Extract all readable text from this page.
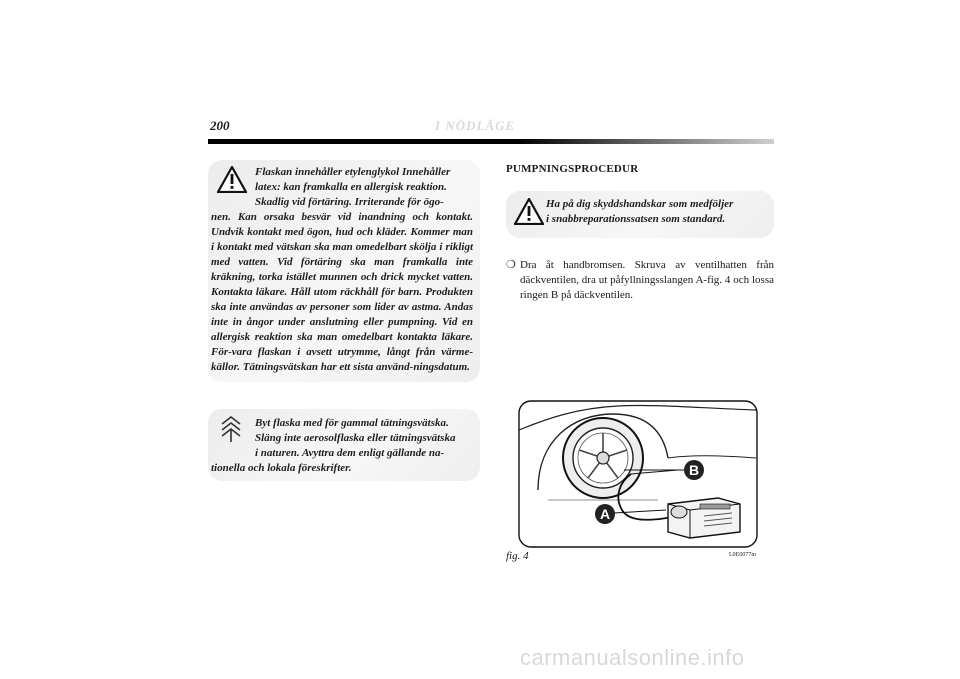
200	I NÖDLÄGE
Flaskan innehåller etylenglykol Innehåller
latex: kan framkalla en allergisk reaktion.
Skadlig vid förtäring. Irriterande för ögo-
nen. Kan orsaka besvär vid inandning och kontakt. Undvik kontakt med ögon, hud och kläder. Kommer man i kontakt med vätskan ska man omedelbart skölja i rikligt med vatten. Vid förtäring ska man framkalla inte kräkning, torka istället munnen och drick mycket vatten. Kontakta läkare. Håll utom räckhåll för barn. Produkten ska inte användas av personer som lider av astma. Andas inte in ångor under anslutning eller pumpning. Vid en allergisk reaktion ska man omedelbart kontakta läkare. För-vara flaskan i avsett utrymme, långt från värme-källor. Tätningsvätskan har ett sista använd-ningsdatum.
Byt flaska med för gammal tätningsvätska.
Släng inte aerosolflaska eller tätningsvätska
i naturen. Avyttra dem enligt gällande na-
tionella och lokala föreskrifter.
PUMPNINGSPROCEDUR
Ha på dig skyddshandskar som medföljer
i snabbreparationssatsen som standard.
❍ Dra åt handbromsen. Skruva av ventilhatten från däckventilen, dra ut påfyllningsslangen A-fig. 4 och lossa ringen B på däckventilen.
B
A
fig. 4	L0E0077m
carmanualsonline.info
